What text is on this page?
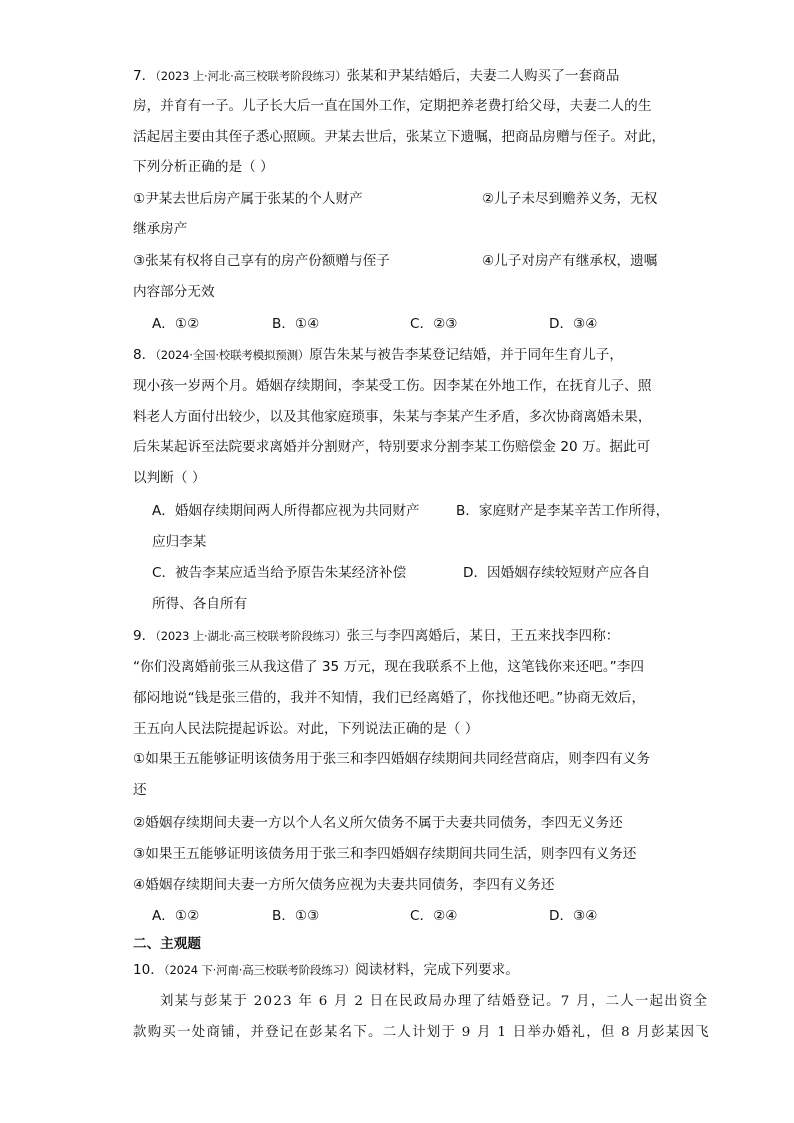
7．（2023 上·河北·高三校联考阶段练习）张某和尹某结婚后，夫妻二人购买了一套商品
房，并育有一子。儿子长大后一直在国外工作，定期把养老费打给父母，夫妻二人的生
活起居主要由其侄子悉心照顾。尹某去世后，张某立下遗嘱，把商品房赠与侄子。对此，
下列分析正确的是（ ）
①尹某去世后房产属于张某的个人财产	②儿子未尽到赡养义务，无权
继承房产
③张某有权将自己享有的房产份额赠与侄子	④儿子对房产有继承权，遗嘱
内容部分无效
A．①②	B．①④	C．②③	D．③④
8．（2024·全国·校联考模拟预测）原告朱某与被告李某登记结婚，并于同年生育儿子，
现小孩一岁两个月。婚姻存续期间，李某受工伤。因李某在外地工作，在抚育儿子、照
料老人方面付出较少，以及其他家庭琐事，朱某与李某产生矛盾，多次协商离婚未果，
后朱某起诉至法院要求离婚并分割财产，特别要求分割李某工伤赔偿金 20 万。据此可
以判断（ ）
A．婚姻存续期间两人所得都应视为共同财产	B．家庭财产是李某辛苦工作所得，
应归李某
C．被告李某应适当给予原告朱某经济补偿	D．因婚姻存续较短财产应各自
所得、各自所有
9．（2023 上·湖北·高三校联考阶段练习）张三与李四离婚后，某日，王五来找李四称：
“你们没离婚前张三从我这借了 35 万元，现在我联系不上他，这笔钱你来还吧。”李四
郁闷地说“钱是张三借的，我并不知情，我们已经离婚了，你找他还吧。”协商无效后，
王五向人民法院提起诉讼。对此，下列说法正确的是（ ）
①如果王五能够证明该债务用于张三和李四婚姻存续期间共同经营商店，则李四有义务
还
②婚姻存续期间夫妻一方以个人名义所欠债务不属于夫妻共同债务，李四无义务还
③如果王五能够证明该债务用于张三和李四婚姻存续期间共同生活，则李四有义务还
④婚姻存续期间夫妻一方所欠债务应视为夫妻共同债务，李四有义务还
A．①②	B．①③	C．②④	D．③④
二、主观题
10．（2024 下·河南·高三校联考阶段练习）阅读材料，完成下列要求。
刘某与彭某于 2023 年 6 月 2 日在民政局办理了结婚登记。7 月，二人一起出资全
款购买一处商铺，并登记在彭某名下。二人计划于 9 月 1 日举办婚礼，但 8 月彭某因飞
